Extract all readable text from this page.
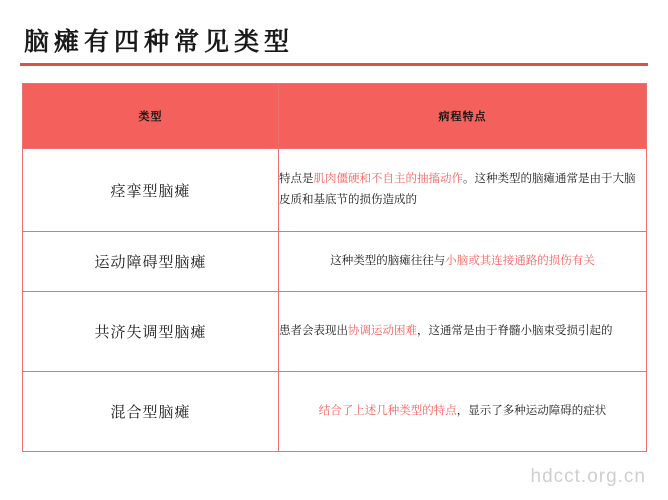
脑瘫有四种常见类型
类型	病程特点
痉挛型脑瘫	特点是肌肉僵硬和不自主的抽搐动作。这种类型的脑瘫通常是由于大脑皮质和基底节的损伤造成的
运动障碍型脑瘫	这种类型的脑瘫往往与小脑或其连接通路的损伤有关
共济失调型脑瘫	患者会表现出协调运动困难，这通常是由于脊髓小脑束受损引起的
混合型脑瘫	结合了上述几种类型的特点，显示了多种运动障碍的症状
hdcct.org.cn
